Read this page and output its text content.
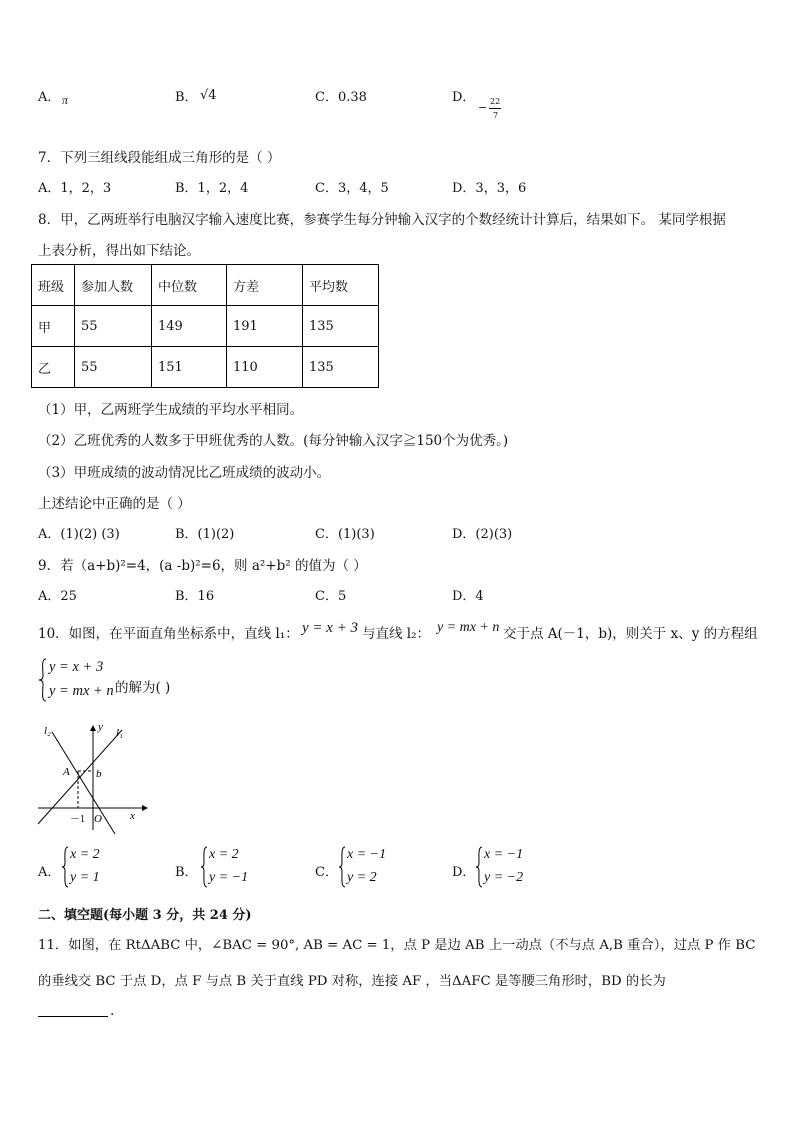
A． π	B． √4	C．0.38	D．
− 22
7
7．下列三组线段能组成三角形的是（ ）
A．1，2，3	B．1，2，4	C．3，4，5	D．3，3，6
8．甲，乙两班举行电脑汉字输入速度比赛，参赛学生每分钟输入汉字的个数经统计计算后，结果如下。 某同学根据
上表分析，得出如下结论。
班级	参加人数	中位数	方差	平均数
甲	55	149	191	135
乙	55	151	110	135
（1）甲，乙两班学生成绩的平均水平相同。
（2）乙班优秀的人数多于甲班优秀的人数。(每分钟输入汉字≧150个为优秀。)
（3）甲班成绩的波动情况比乙班成绩的波动小。
上述结论中正确的是（ ）
A．(1)(2) (3)	B．(1)(2)	C．(1)(3)	D．(2)(3)
9．若（a+b)²=4，(a -b)²=6，则 a²+b² 的值为（ ）
A．25	B．16	C．5	D．4
10．如图，在平面直角坐标系中，直线 l₁： y = x + 3 与直线 l₂： y = mx + n 交于点 A(－1，b)，则关于 x、y 的方程组
y = x + 3
y = mx + n 的解为( )
l₂	l₁
y
x
A b
－1 O
A．
x = 2
y = 1	B．
x = 2
y = −1	C．
x = −1
y = 2	D．
x = −1
y = −2
二、填空题(每小题 3 分，共 24 分)
11．如图，在 RtΔABC 中，∠BAC = 90°, AB = AC = 1，点 P 是边 AB 上一动点（不与点 A,B 重合），过点 P 作 BC
的垂线交 BC 于点 D，点 F 与点 B 关于直线 PD 对称，连接 AF ，当ΔAFC 是等腰三角形时，BD 的长为
.
